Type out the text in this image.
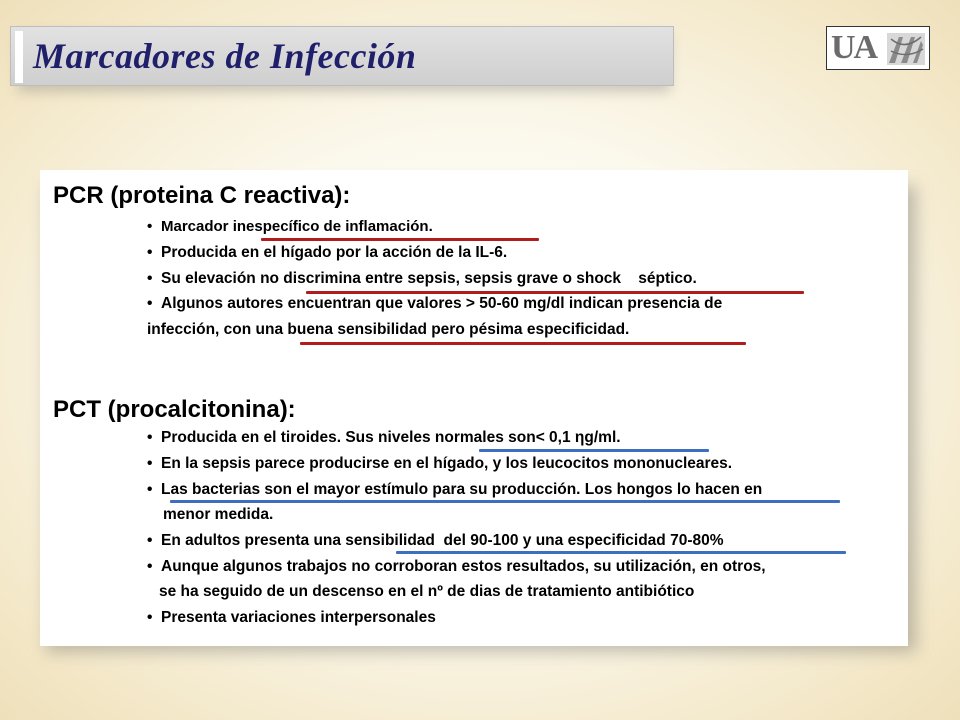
Marcadores de Infección	UA
PCR (proteina C reactiva):
• Marcador inespecífico de inflamación.
• Producida en el hígado por la acción de la IL-6.
• Su elevación no discrimina entre sepsis, sepsis grave o shock    séptico.
• Algunos autores encuentran que valores > 50-60 mg/dl indican presencia de
infección, con una buena sensibilidad pero pésima especificidad.
PCT (procalcitonina):
• Producida en el tiroides. Sus niveles normales son< 0,1 ηg/ml.
• En la sepsis parece producirse en el hígado, y los leucocitos mononucleares.
• Las bacterias son el mayor estímulo para su producción. Los hongos lo hacen en
menor medida.
• En adultos presenta una sensibilidad  del 90-100 y una especificidad 70-80%
• Aunque algunos trabajos no corroboran estos resultados, su utilización, en otros,
se ha seguido de un descenso en el nº de dias de tratamiento antibiótico
• Presenta variaciones interpersonales
